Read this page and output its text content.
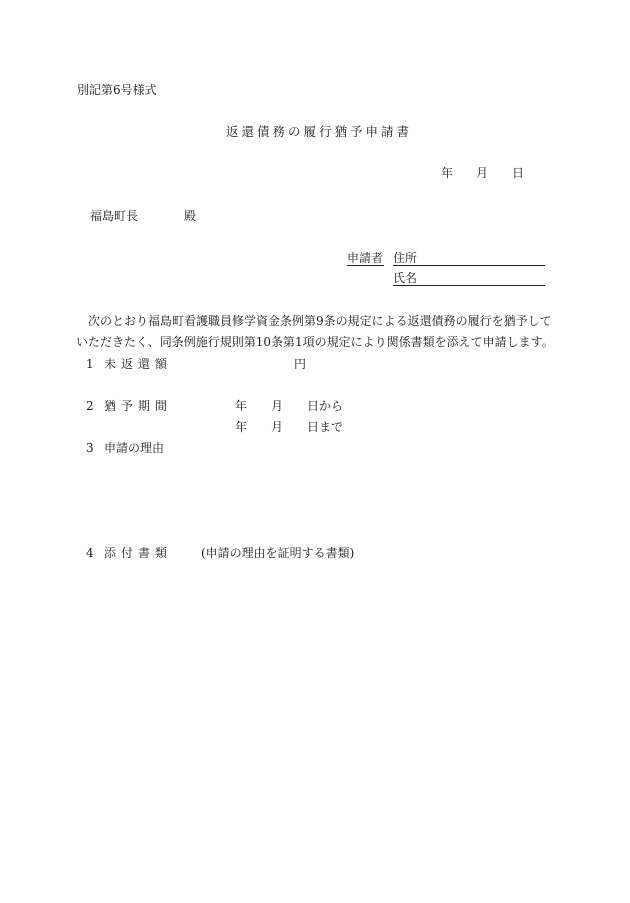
別記第6号様式
返還債務の履行猶予申請書
年 月 日
福島町長	殿
申請者 住所
氏名
次のとおり福島町看護職員修学資金条例第9条の規定による返還債務の履行を猶予して
いただきたく、同条例施行規則第10条第1項の規定により関係書類を添えて申請します。
1 未返還額	円
2 猶予期間	年 月 日から
年 月 日まで
3 申請の理由
4 添付書類 (申請の理由を証明する書類)
